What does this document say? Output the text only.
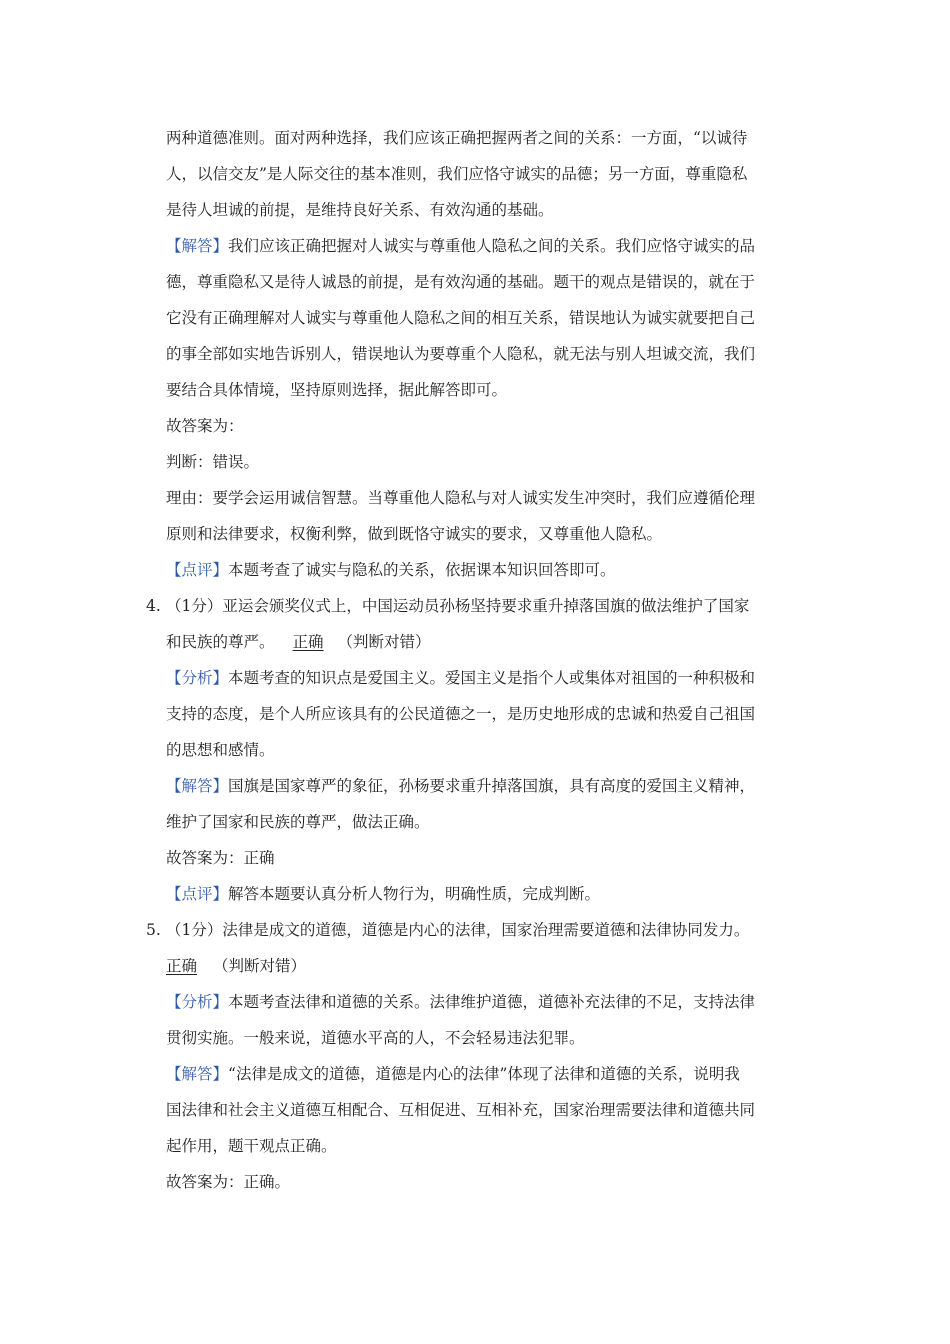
两种道德准则。面对两种选择，我们应该正确把握两者之间的关系：一方面，“以诚待
人，以信交友”是人际交往的基本准则，我们应恪守诚实的品德；另一方面，尊重隐私
是待人坦诚的前提，是维持良好关系、有效沟通的基础。
【解答】我们应该正确把握对人诚实与尊重他人隐私之间的关系。我们应恪守诚实的品
德，尊重隐私又是待人诚恳的前提，是有效沟通的基础。题干的观点是错误的，就在于
它没有正确理解对人诚实与尊重他人隐私之间的相互关系，错误地认为诚实就要把自己
的事全部如实地告诉别人，错误地认为要尊重个人隐私，就无法与别人坦诚交流，我们
要结合具体情境，坚持原则选择，据此解答即可。
故答案为：
判断：错误。
理由：要学会运用诚信智慧。当尊重他人隐私与对人诚实发生冲突时，我们应遵循伦理
原则和法律要求，权衡利弊，做到既恪守诚实的要求，又尊重他人隐私。
【点评】本题考查了诚实与隐私的关系，依据课本知识回答即可。
4. （1分）亚运会颁奖仪式上，中国运动员孙杨坚持要求重升掉落国旗的做法维护了国家
和民族的尊严。 正确 （判断对错）
【分析】本题考查的知识点是爱国主义。爱国主义是指个人或集体对祖国的一种积极和
支持的态度，是个人所应该具有的公民道德之一，是历史地形成的忠诚和热爱自己祖国
的思想和感情。
【解答】国旗是国家尊严的象征，孙杨要求重升掉落国旗，具有高度的爱国主义精神，
维护了国家和民族的尊严，做法正确。
故答案为：正确
【点评】解答本题要认真分析人物行为，明确性质，完成判断。
5. （1分）法律是成文的道德，道德是内心的法律，国家治理需要道德和法律协同发力。
正确 （判断对错）
【分析】本题考查法律和道德的关系。法律维护道德，道德补充法律的不足，支持法律
贯彻实施。一般来说，道德水平高的人，不会轻易违法犯罪。
【解答】“法律是成文的道德，道德是内心的法律”体现了法律和道德的关系，说明我
国法律和社会主义道德互相配合、互相促进、互相补充，国家治理需要法律和道德共同
起作用，题干观点正确。
故答案为：正确。
